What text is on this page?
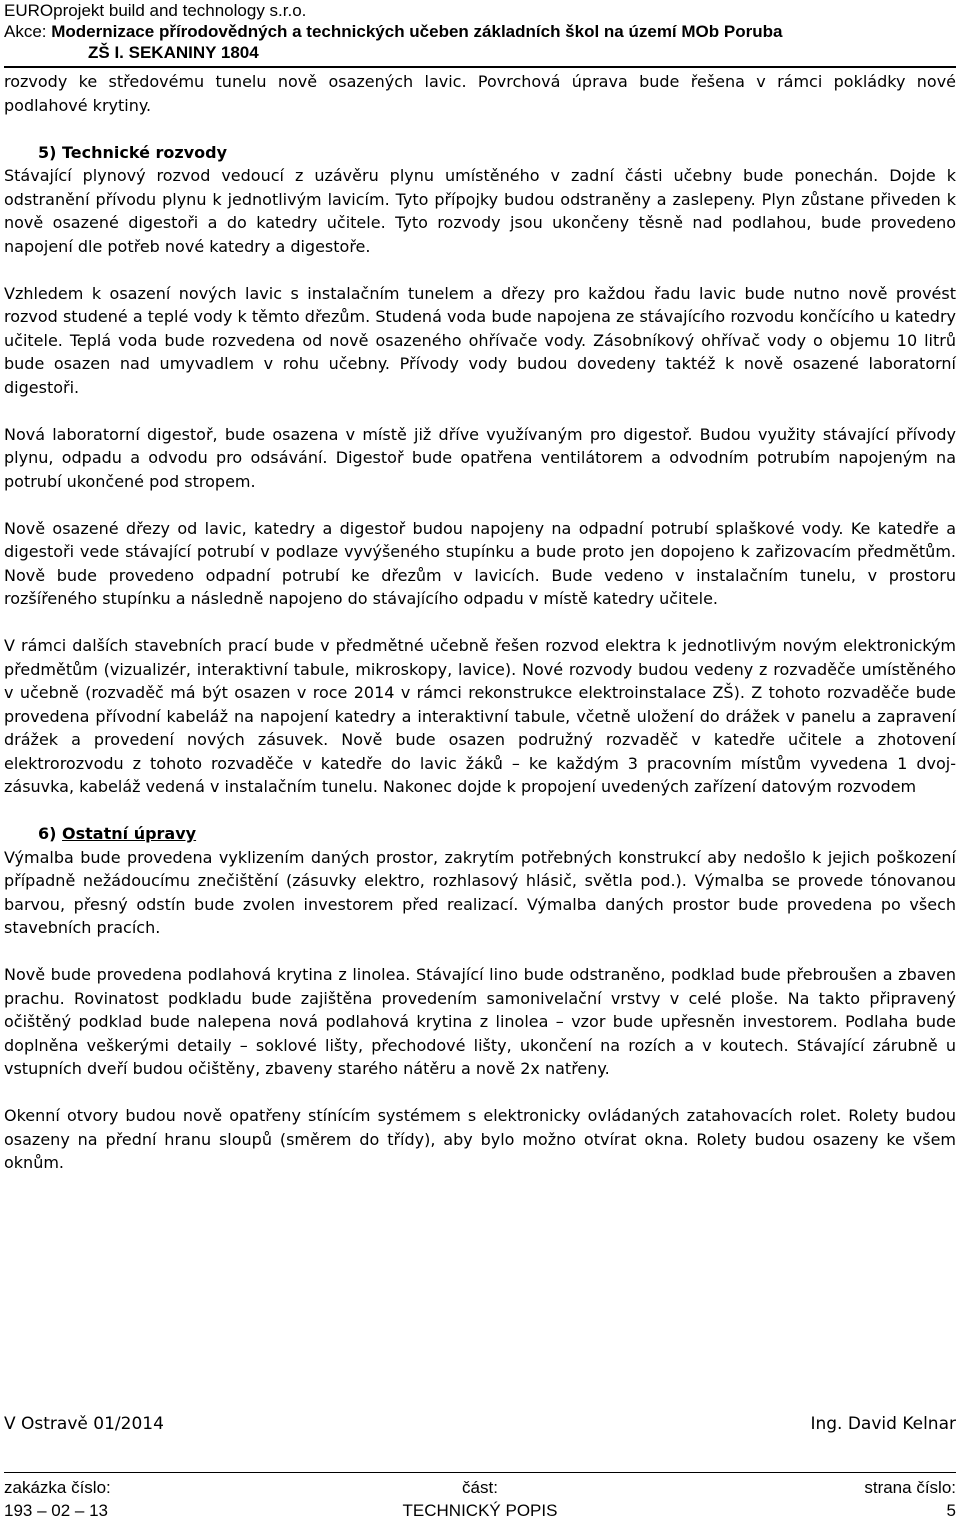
EUROprojekt build and technology s.r.o.
Akce: Modernizace přírodovědných a technických učeben základních škol na území MOb Poruba
ZŠ I. SEKANINY 1804

rozvody ke středovému tunelu nově osazených lavic. Povrchová úprava bude řešena v rámci pokládky nové podlahové krytiny.

5) Technické rozvody

Stávající plynový rozvod vedoucí z uzávěru plynu umístěného v zadní části učebny bude ponechán. Dojde k odstranění přívodu plynu k jednotlivým lavicím. Tyto přípojky budou odstraněny a zaslepeny. Plyn zůstane přiveden k nově osazené digestoři a do katedry učitele. Tyto rozvody jsou ukončeny těsně nad podlahou, bude provedeno napojení dle potřeb nové katedry a digestoře.

Vzhledem k osazení nových lavic s instalačním tunelem a dřezy pro každou řadu lavic bude nutno nově provést rozvod studené a teplé vody k těmto dřezům. Studená voda bude napojena ze stávajícího rozvodu končícího u katedry učitele. Teplá voda bude rozvedena od nově osazeného ohřívače vody. Zásobníkový ohřívač vody o objemu 10 litrů bude osazen nad umyvadlem v rohu učebny. Přívody vody budou dovedeny taktéž k nově osazené laboratorní digestoři.

Nová laboratorní digestoř, bude osazena v místě již dříve využívaným pro digestoř. Budou využity stávající přívody plynu, odpadu a odvodu pro odsávání. Digestoř bude opatřena ventilátorem a odvodním potrubím napojeným na potrubí ukončené pod stropem.

Nově osazené dřezy od lavic, katedry a digestoř budou napojeny na odpadní potrubí splaškové vody. Ke katedře a digestoři vede stávající potrubí v podlaze vyvýšeného stupínku a bude proto jen dopojeno k zařizovacím předmětům. Nově bude provedeno odpadní potrubí ke dřezům v lavicích. Bude vedeno v instalačním tunelu, v prostoru rozšířeného stupínku a následně napojeno do stávajícího odpadu v místě katedry učitele.

V rámci dalších stavebních prací bude v předmětné učebně řešen rozvod elektra k jednotlivým novým elektronickým předmětům (vizualizér, interaktivní tabule, mikroskopy, lavice). Nové rozvody budou vedeny z rozvaděče umístěného v učebně (rozvaděč má být osazen v roce 2014 v rámci rekonstrukce elektroinstalace ZŠ). Z tohoto rozvaděče bude provedena přívodní kabeláž na napojení katedry a interaktivní tabule, včetně uložení do drážek v panelu a zapravení drážek a provedení nových zásuvek. Nově bude osazen podružný rozvaděč v katedře učitele a zhotovení elektrorozvodu z tohoto rozvaděče v katedře do lavic žáků – ke každým 3 pracovním místům vyvedena 1 dvoj-zásuvka, kabeláž vedená v instalačním tunelu. Nakonec dojde k propojení uvedených zařízení datovým rozvodem

6) Ostatní úpravy

Výmalba bude provedena vyklizením daných prostor, zakrytím potřebných konstrukcí aby nedošlo k jejich poškození případně nežádoucímu znečištění (zásuvky elektro, rozhlasový hlásič, světla pod.). Výmalba se provede tónovanou barvou, přesný odstín bude zvolen investorem před realizací. Výmalba daných prostor bude provedena po všech stavebních pracích.

Nově bude provedena podlahová krytina z linolea. Stávající lino bude odstraněno, podklad bude přebroušen a zbaven prachu. Rovinatost podkladu bude zajištěna provedením samonivelační vrstvy v celé ploše. Na takto připravený očištěný podklad bude nalepena nová podlahová krytina z linolea – vzor bude upřesněn investorem. Podlaha bude doplněna veškerými detaily – soklové lišty, přechodové lišty, ukončení na rozích a v koutech. Stávající zárubně u vstupních dveří budou očištěny, zbaveny starého nátěru a nově 2x natřeny.

Okenní otvory budou nově opatřeny stínícím systémem s elektronicky ovládaných zatahovacích rolet. Rolety budou osazeny na přední hranu sloupů (směrem do třídy), aby bylo možno otvírat okna. Rolety budou osazeny ke všem oknům.

V Ostravě 01/2014	Ing. David Kelnar
zakázka číslo:
193 – 02 – 13
část:
TECHNICKÝ POPIS
strana číslo:
5
